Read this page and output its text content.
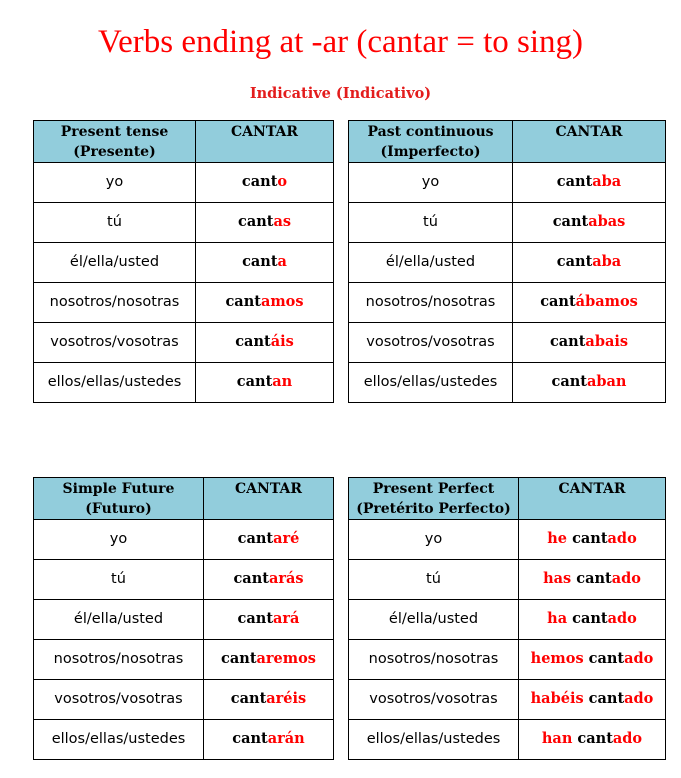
Verbs ending at -ar (cantar = to sing)
Indicative (Indicativo)
Present tense (Presente)	CANTAR
yo	canto
tú	cantas
él/ella/usted	canta
nosotros/nosotras	cantamos
vosotros/vosotras	cantáis
ellos/ellas/ustedes	cantan
Past continuous (Imperfecto)	CANTAR
yo	cantaba
tú	cantabas
él/ella/usted	cantaba
nosotros/nosotras	cantábamos
vosotros/vosotras	cantabais
ellos/ellas/ustedes	cantaban
Simple Future (Futuro)	CANTAR
yo	cantaré
tú	cantarás
él/ella/usted	cantará
nosotros/nosotras	cantaremos
vosotros/vosotras	cantaréis
ellos/ellas/ustedes	cantarán
Present Perfect (Pretérito Perfecto)	CANTAR
yo	he cantado
tú	has cantado
él/ella/usted	ha cantado
nosotros/nosotras	hemos cantado
vosotros/vosotras	habéis cantado
ellos/ellas/ustedes	han cantado
